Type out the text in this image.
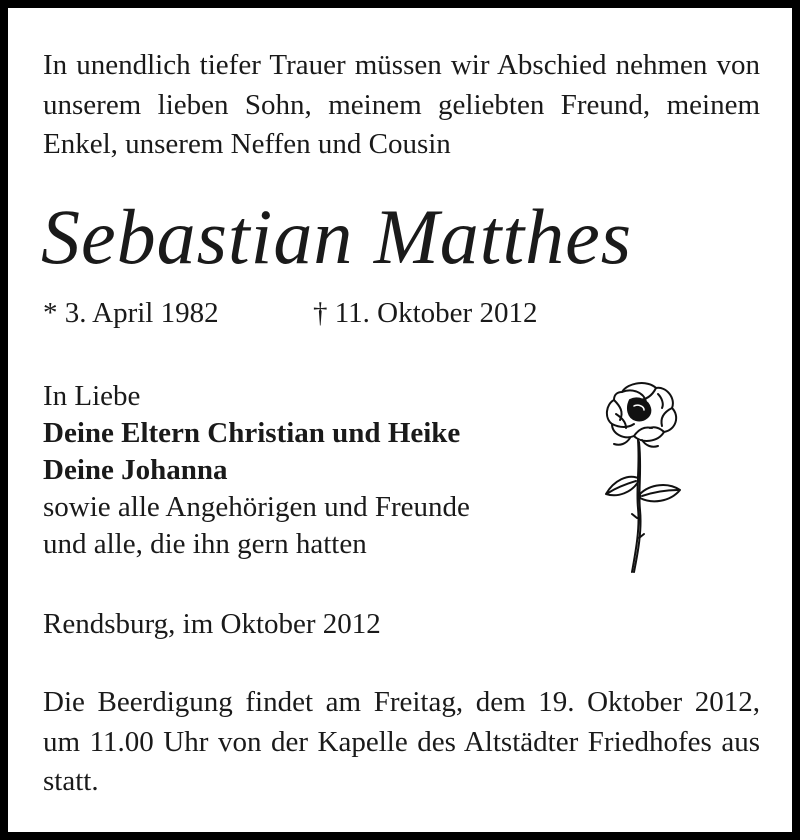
In unendlich tiefer Trauer müssen wir Abschied nehmen von unserem lieben Sohn, meinem geliebten Freund, meinem Enkel, unserem Neffen und Cousin

Sebastian Matthes
* 3. April 1982	† 11. Oktober 2012
In Liebe
Deine Eltern Christian und Heike
Deine Johanna
sowie alle Angehörigen und Freunde
und alle, die ihn gern hatten

Rendsburg, im Oktober 2012

Die Beerdigung findet am Freitag, dem 19. Oktober 2012, um 11.00 Uhr von der Kapelle des Altstädter Friedhofes aus statt.
